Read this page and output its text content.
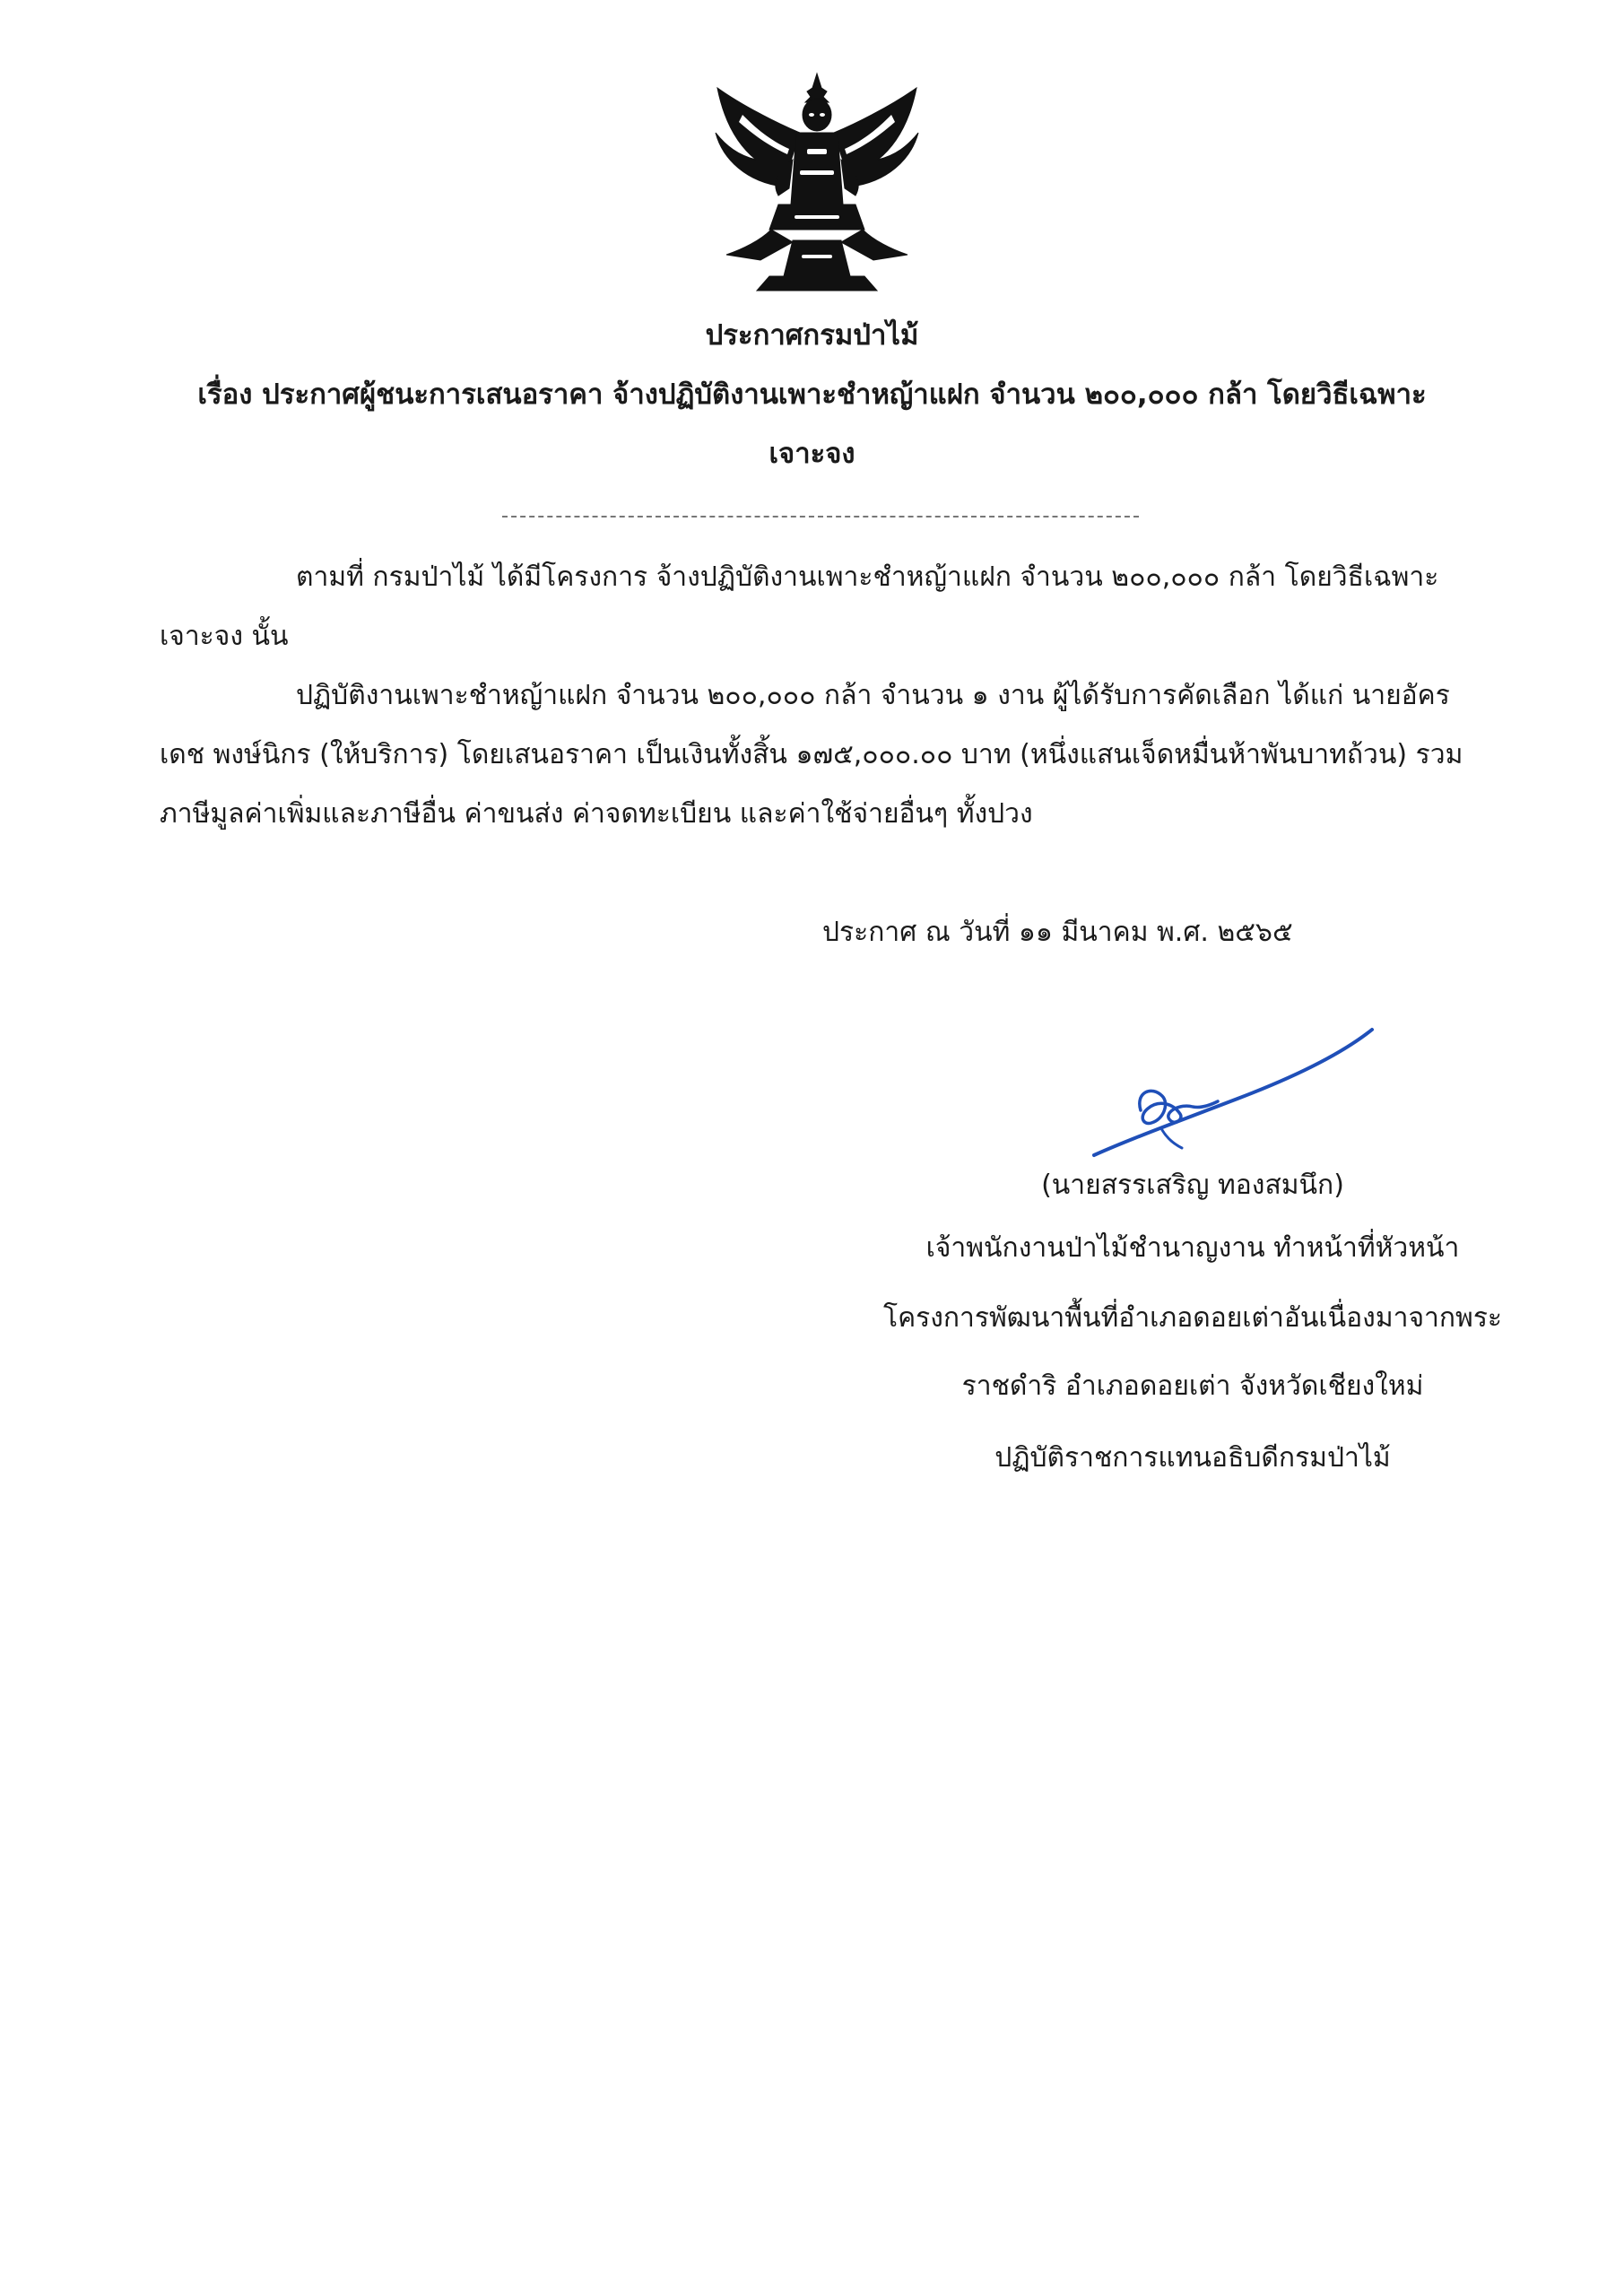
ประกาศกรมป่าไม้
เรื่อง ประกาศผู้ชนะการเสนอราคา จ้างปฏิบัติงานเพาะชำหญ้าแฝก จำนวน ๒๐๐,๐๐๐ กล้า โดยวิธีเฉพาะ
เจาะจง
ตามที่ กรมป่าไม้ ได้มีโครงการ จ้างปฏิบัติงานเพาะชำหญ้าแฝก จำนวน ๒๐๐,๐๐๐ กล้า โดยวิธีเฉพาะ
เจาะจง นั้น
ปฏิบัติงานเพาะชำหญ้าแฝก จำนวน ๒๐๐,๐๐๐ กล้า จำนวน ๑ งาน ผู้ได้รับการคัดเลือก ได้แก่ นายอัคร
เดช พงษ์นิกร (ให้บริการ) โดยเสนอราคา เป็นเงินทั้งสิ้น ๑๗๕,๐๐๐.๐๐ บาท (หนึ่งแสนเจ็ดหมื่นห้าพันบาทถ้วน) รวม
ภาษีมูลค่าเพิ่มและภาษีอื่น ค่าขนส่ง ค่าจดทะเบียน และค่าใช้จ่ายอื่นๆ ทั้งปวง
ประกาศ ณ วันที่ ๑๑ มีนาคม พ.ศ. ๒๕๖๕
(นายสรรเสริญ ทองสมนึก)
เจ้าพนักงานป่าไม้ชำนาญงาน ทำหน้าที่หัวหน้า
โครงการพัฒนาพื้นที่อำเภอดอยเต่าอันเนื่องมาจากพระ
ราชดำริ อำเภอดอยเต่า จังหวัดเชียงใหม่
ปฏิบัติราชการแทนอธิบดีกรมป่าไม้
